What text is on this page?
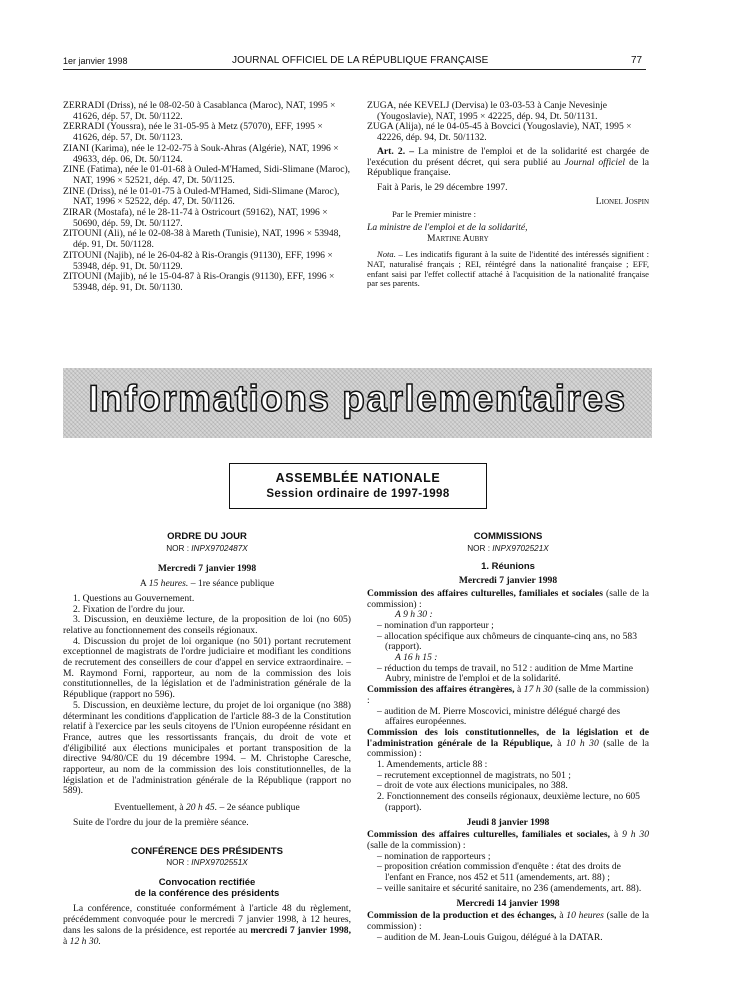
1er janvier 1998	JOURNAL OFFICIEL DE LA RÉPUBLIQUE FRANÇAISE	77

ZERRADI (Driss), né le 08-02-50 à Casablanca (Maroc), NAT, 1995 × 41626, dép. 57, Dt. 50/1122.

ZERRADI (Youssra), née le 31-05-95 à Metz (57070), EFF, 1995 × 41626, dép. 57, Dt. 50/1123.

ZIANI (Karima), née le 12-02-75 à Souk-Ahras (Algérie), NAT, 1996 × 49633, dép. 06, Dt. 50/1124.

ZINE (Fatima), née le 01-01-68 à Ouled-M'Hamed, Sidi-Slimane (Maroc), NAT, 1996 × 52521, dép. 47, Dt. 50/1125.

ZINE (Driss), né le 01-01-75 à Ouled-M'Hamed, Sidi-Slimane (Maroc), NAT, 1996 × 52522, dép. 47, Dt. 50/1126.

ZIRAR (Mostafa), né le 28-11-74 à Ostricourt (59162), NAT, 1996 × 50690, dép. 59, Dt. 50/1127.

ZITOUNI (Ali), né le 02-08-38 à Mareth (Tunisie), NAT, 1996 × 53948, dép. 91, Dt. 50/1128.

ZITOUNI (Najib), né le 26-04-82 à Ris-Orangis (91130), EFF, 1996 × 53948, dép. 91, Dt. 50/1129.

ZITOUNI (Majib), né le 15-04-87 à Ris-Orangis (91130), EFF, 1996 × 53948, dép. 91, Dt. 50/1130.

ZUGA, née KEVELJ (Dervisa) le 03-03-53 à Canje Nevesinje (Yougoslavie), NAT, 1995 × 42225, dép. 94, Dt. 50/1131.

ZUGA (Alija), né le 04-05-45 à Bovcici (Yougoslavie), NAT, 1995 × 42226, dép. 94, Dt. 50/1132.

Art. 2. – La ministre de l'emploi et de la solidarité est chargée de l'exécution du présent décret, qui sera publié au Journal officiel de la République française.

Fait à Paris, le 29 décembre 1997.

Lionel Jospin

Par le Premier ministre :

La ministre de l'emploi et de la solidarité,

Martine Aubry

Nota. – Les indicatifs figurant à la suite de l'identité des intéressés signifient : NAT, naturalisé français ; REI, réintégré dans la nationalité française ; EFF, enfant saisi par l'effet collectif attaché à l'acquisition de la nationalité française par ses parents.

Informations parlementaires
ASSEMBLÉE NATIONALE
Session ordinaire de 1997-1998

ORDRE DU JOUR

NOR : INPX9702487X

Mercredi 7 janvier 1998

A 15 heures. – 1re séance publique

1. Questions au Gouvernement.

2. Fixation de l'ordre du jour.

3. Discussion, en deuxième lecture, de la proposition de loi (no 605) relative au fonctionnement des conseils régionaux.

4. Discussion du projet de loi organique (no 501) portant recrutement exceptionnel de magistrats de l'ordre judiciaire et modifiant les conditions de recrutement des conseillers de cour d'appel en service extraordinaire. – M. Raymond Forni, rapporteur, au nom de la commission des lois constitutionnelles, de la législation et de l'administration générale de la République (rapport no 596).

5. Discussion, en deuxième lecture, du projet de loi organique (no 388) déterminant les conditions d'application de l'article 88-3 de la Constitution relatif à l'exercice par les seuls citoyens de l'Union européenne résidant en France, autres que les ressortissants français, du droit de vote et d'éligibilité aux élections municipales et portant transposition de la directive 94/80/CE du 19 décembre 1994. – M. Christophe Caresche, rapporteur, au nom de la commission des lois constitutionnelles, de la législation et de l'administration générale de la République (rapport no 589).

Eventuellement, à 20 h 45. – 2e séance publique

Suite de l'ordre du jour de la première séance.

CONFÉRENCE DES PRÉSIDENTS

NOR : INPX9702551X

Convocation rectifiée

de la conférence des présidents

La conférence, constituée conformément à l'article 48 du règlement, précédemment convoquée pour le mercredi 7 janvier 1998, à 12 heures, dans les salons de la présidence, est reportée au mercredi 7 janvier 1998, à 12 h 30.

COMMISSIONS

NOR : INPX9702521X

1. Réunions

Mercredi 7 janvier 1998

Commission des affaires culturelles, familiales et sociales (salle de la commission) :

A 9 h 30 :

– nomination d'un rapporteur ;

– allocation spécifique aux chômeurs de cinquante-cinq ans, no 583 (rapport).

A 16 h 15 :

– réduction du temps de travail, no 512 : audition de Mme Martine Aubry, ministre de l'emploi et de la solidarité.

Commission des affaires étrangères, à 17 h 30 (salle de la commission) :

– audition de M. Pierre Moscovici, ministre délégué chargé des affaires européennes.

Commission des lois constitutionnelles, de la législation et de l'administration générale de la République, à 10 h 30 (salle de la commission) :

1. Amendements, article 88 :

– recrutement exceptionnel de magistrats, no 501 ;

– droit de vote aux élections municipales, no 388.

2. Fonctionnement des conseils régionaux, deuxième lecture, no 605 (rapport).

Jeudi 8 janvier 1998

Commission des affaires culturelles, familiales et sociales, à 9 h 30 (salle de la commission) :

– nomination de rapporteurs ;

– proposition création commission d'enquête : état des droits de l'enfant en France, nos 452 et 511 (amendements, art. 88) ;

– veille sanitaire et sécurité sanitaire, no 236 (amendements, art. 88).

Mercredi 14 janvier 1998

Commission de la production et des échanges, à 10 heures (salle de la commission) :

– audition de M. Jean-Louis Guigou, délégué à la DATAR.
